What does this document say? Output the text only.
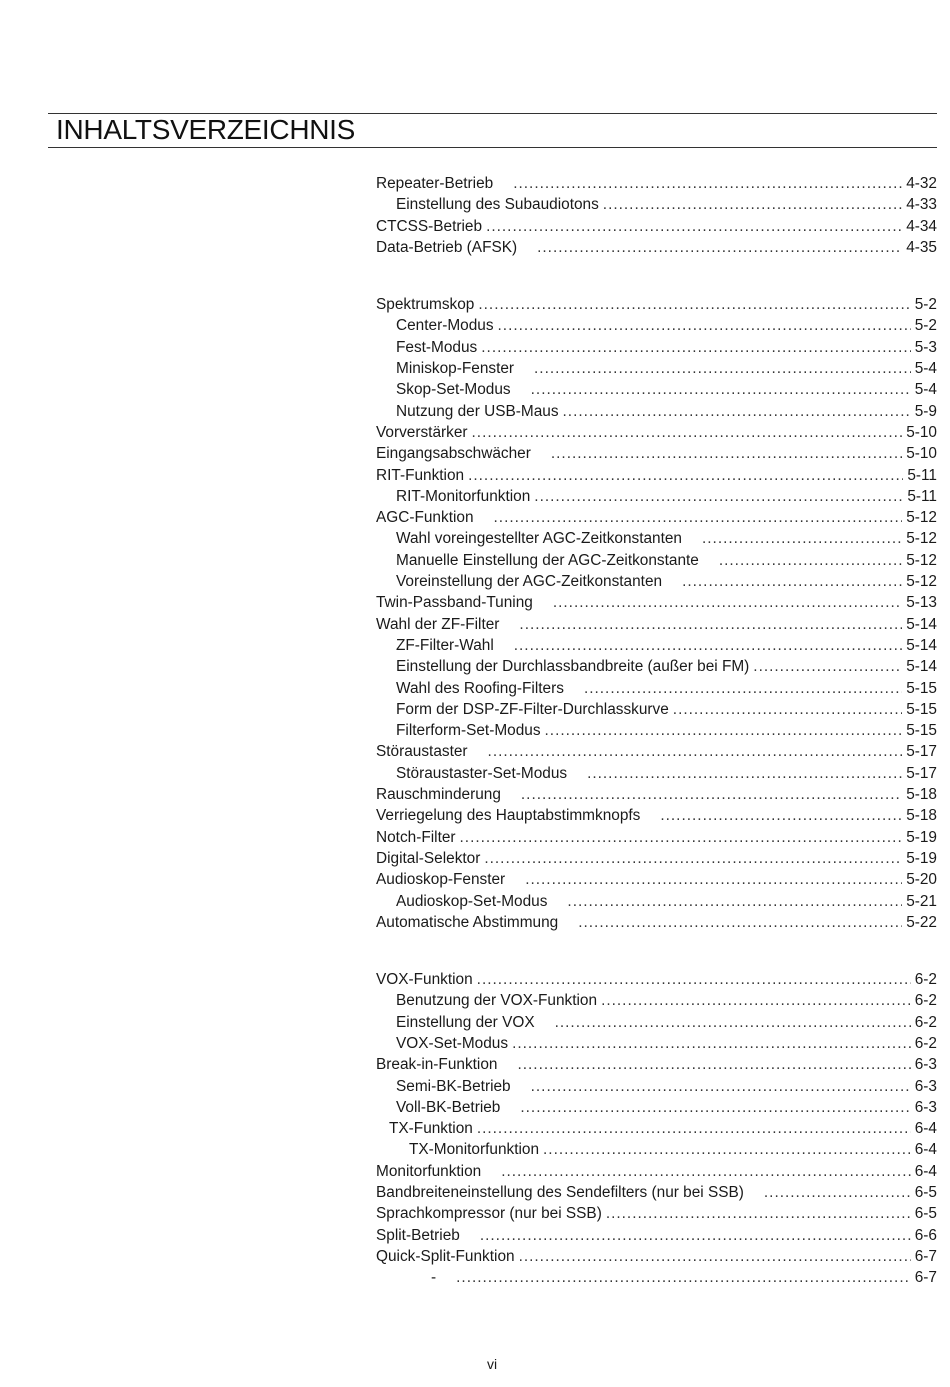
INHALTSVERZEICHNIS
Repeater-Betrieb .....	4-32
Einstellung des Subaudiotons .....	4-33
CTCSS-Betrieb .....	4-34
Data-Betrieb (AFSK) .....	4-35
Spektrumskop .....	5-2
Center-Modus .....	5-2
Fest-Modus .....	5-3
Miniskop-Fenster .....	5-4
Skop-Set-Modus .....	5-4
Nutzung der USB-Maus .....	5-9
Vorverstärker .....	5-10
Eingangsabschwächer .....	5-10
RIT-Funktion .....	5-11
RIT-Monitorfunktion .....	5-11
AGC-Funktion .....	5-12
Wahl voreingestellter AGC-Zeitkonstanten .....	5-12
Manuelle Einstellung der AGC-Zeitkonstante .....	5-12
Voreinstellung der AGC-Zeitkonstanten .....	5-12
Twin-Passband-Tuning .....	5-13
Wahl der ZF-Filter .....	5-14
ZF-Filter-Wahl .....	5-14
Einstellung der Durchlassbandbreite (außer bei FM) .....	5-14
Wahl des Roofing-Filters .....	5-15
Form der DSP-ZF-Filter-Durchlasskurve .....	5-15
Filterform-Set-Modus .....	5-15
Störaustaster .....	5-17
Störaustaster-Set-Modus .....	5-17
Rauschminderung .....	5-18
Verriegelung des Hauptabstimmknopfs .....	5-18
Notch-Filter .....	5-19
Digital-Selektor .....	5-19
Audioskop-Fenster .....	5-20
Audioskop-Set-Modus .....	5-21
Automatische Abstimmung .....	5-22
VOX-Funktion .....	6-2
Benutzung der VOX-Funktion .....	6-2
Einstellung der VOX .....	6-2
VOX-Set-Modus .....	6-2
Break-in-Funktion .....	6-3
Semi-BK-Betrieb .....	6-3
Voll-BK-Betrieb .....	6-3
TX-Funktion .....	6-4
TX-Monitorfunktion .....	6-4
Monitorfunktion .....	6-4
Bandbreiteneinstellung des Sendefilters (nur bei SSB) .....	6-5
Sprachkompressor (nur bei SSB) .....	6-5
Split-Betrieb .....	6-6
Quick-Split-Funktion .....	6-7
- .....	6-7
vi
